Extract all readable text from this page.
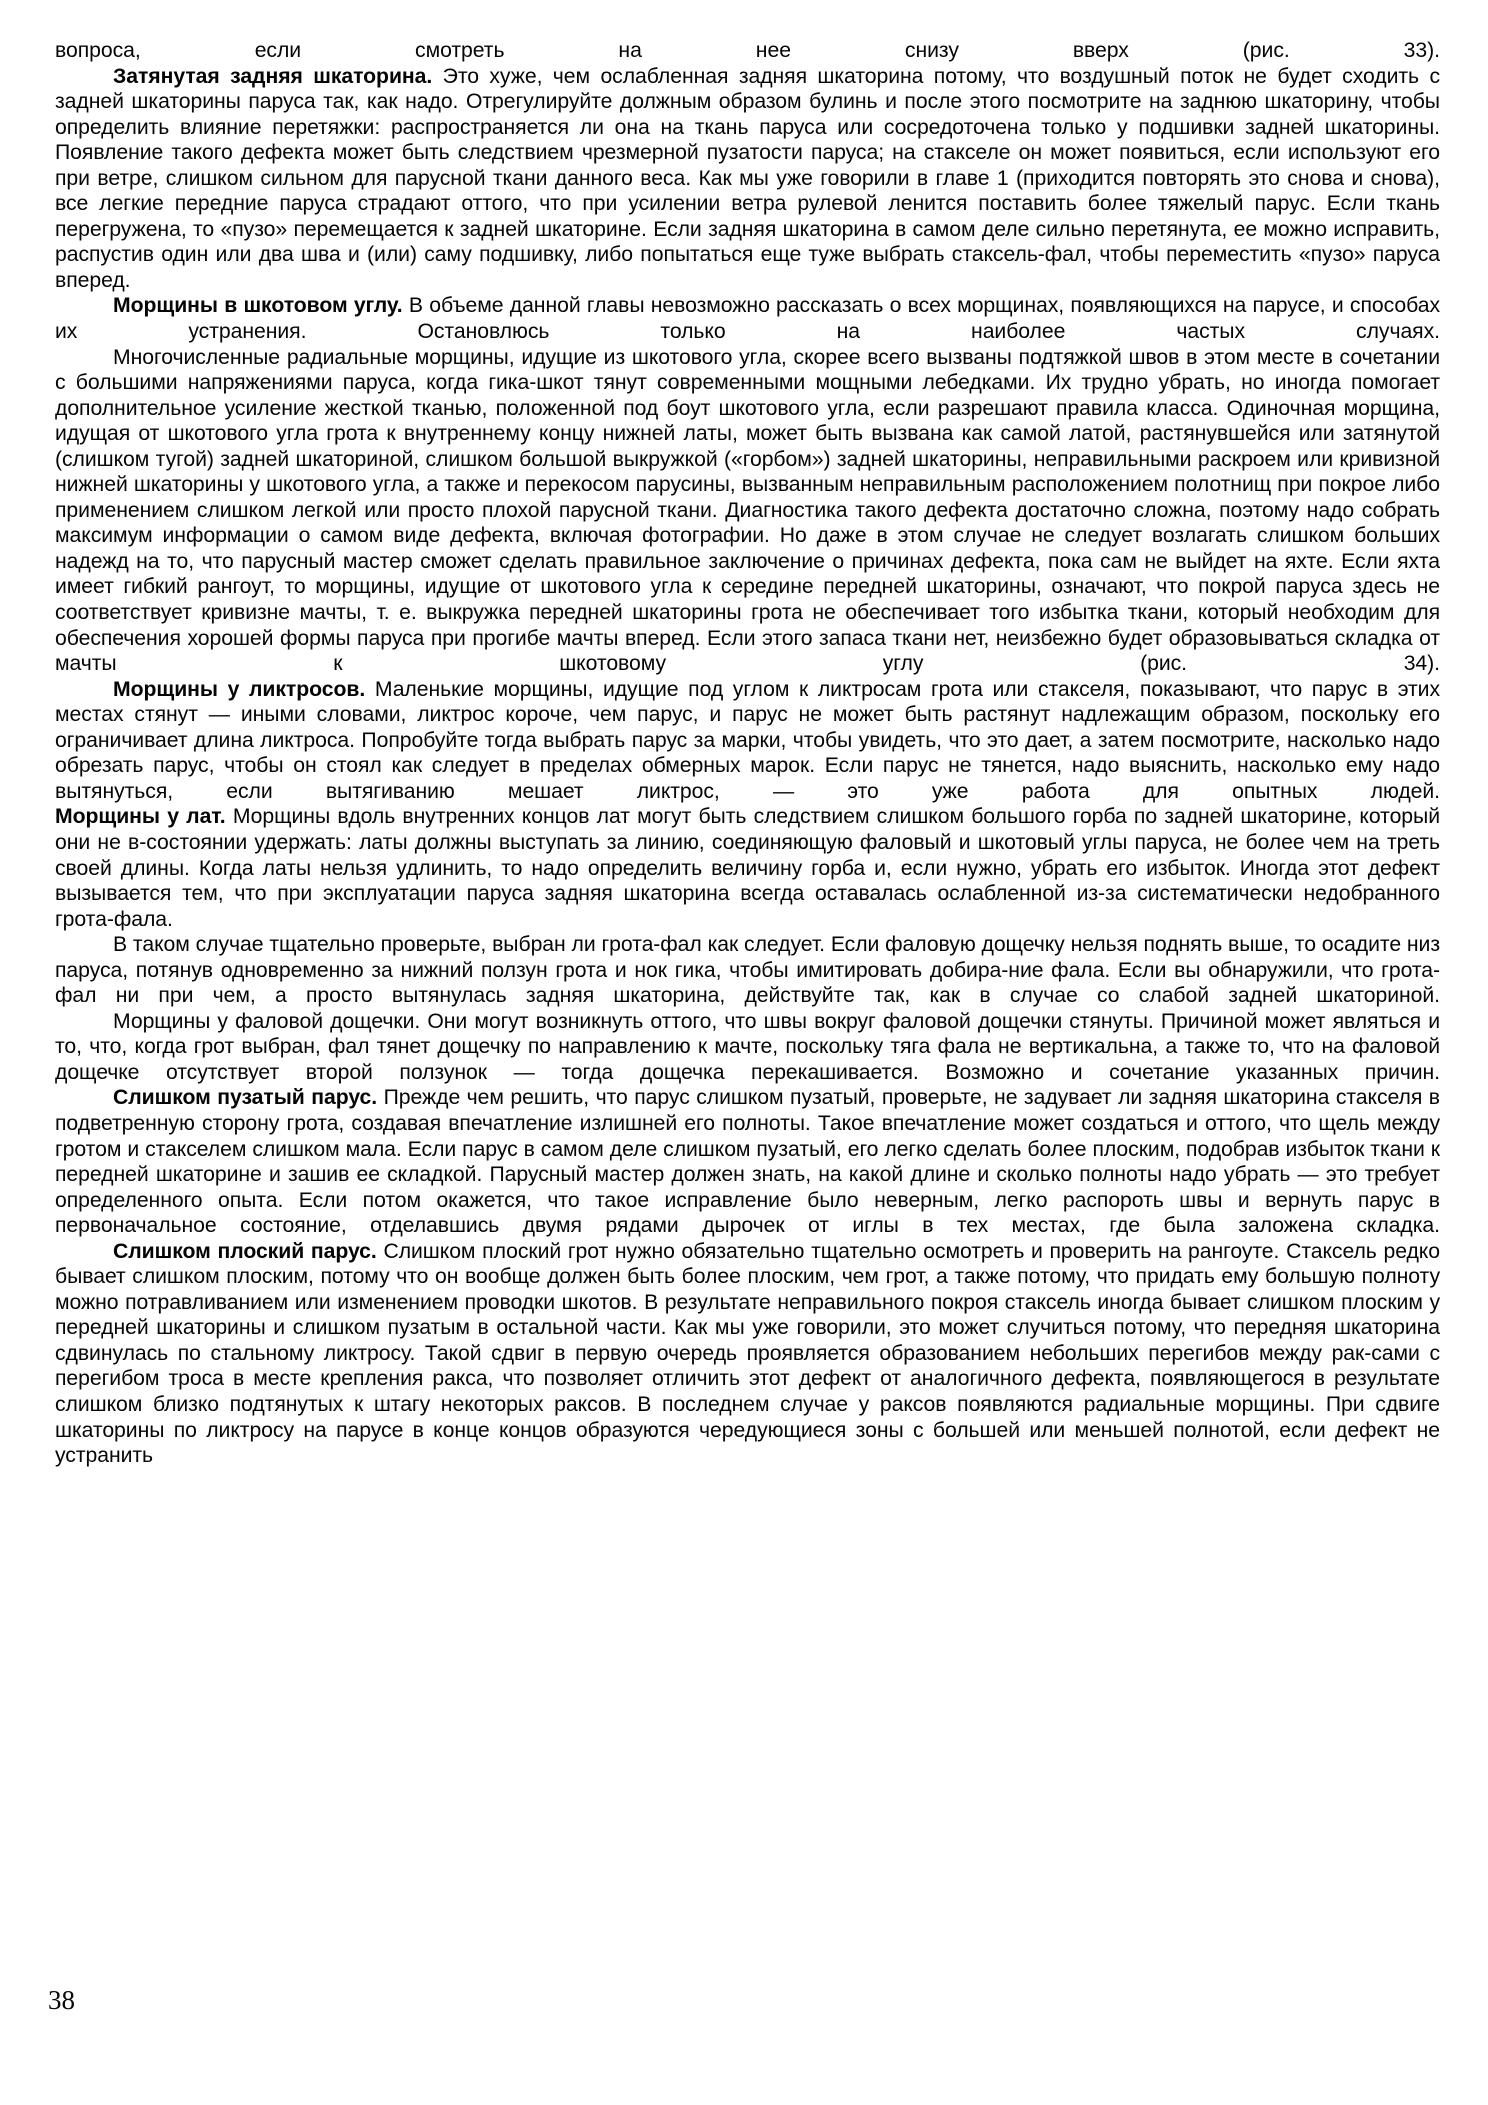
вопроса, если смотреть на нее снизу вверх (рис. 33).

Затянутая задняя шкаторина. Это хуже, чем ослабленная задняя шкаторина потому, что воздушный поток не будет сходить с задней шкаторины паруса так, как надо. Отрегулируйте должным образом булинь и после этого посмотрите на заднюю шкаторину, чтобы определить влияние перетяжки: распространяется ли она на ткань паруса или сосредоточена только у подшивки задней шкаторины. Появление такого дефекта может быть следствием чрезмерной пузатости паруса; на стакселе он может появиться, если используют его при ветре, слишком сильном для парусной ткани данного веса. Как мы уже говорили в главе 1 (приходится повторять это снова и снова), все легкие передние паруса страдают оттого, что при усилении ветра рулевой ленится поставить более тяжелый парус. Если ткань перегружена, то «пузо» перемещается к задней шкаторине. Если задняя шкаторина в самом деле сильно перетянута, ее можно исправить, распустив один или два шва и (или) саму подшивку, либо попытаться еще туже выбрать стаксель-фал, чтобы переместить «пузо» паруса вперед.

Морщины в шкотовом углу. В объеме данной главы невозможно рассказать о всех морщинах, появляющихся на парусе, и способах их устранения. Остановлюсь только на наиболее частых случаях.

Многочисленные радиальные морщины, идущие из шкотового угла, скорее всего вызваны подтяжкой швов в этом месте в сочетании с большими напряжениями паруса, когда гика-шкот тянут современными мощными лебедками. Их трудно убрать, но иногда помогает дополнительное усиление жесткой тканью, положенной под боут шкотового угла, если разрешают правила класса. Одиночная морщина, идущая от шкотового угла грота к внутреннему концу нижней латы, может быть вызвана как самой латой, растянувшейся или затянутой (слишком тугой) задней шкаториной, слишком большой выкружкой («горбом») задней шкаторины, неправильными раскроем или кривизной нижней шкаторины у шкотового угла, а также и перекосом парусины, вызванным неправильным расположением полотнищ при покрое либо применением слишком легкой или просто плохой парусной ткани. Диагностика такого дефекта достаточно сложна, поэтому надо собрать максимум информации о самом виде дефекта, включая фотографии. Но даже в этом случае не следует возлагать слишком больших надежд на то, что парусный мастер сможет сделать правильное заключение о причинах дефекта, пока сам не выйдет на яхте. Если яхта имеет гибкий рангоут, то морщины, идущие от шкотового угла к середине передней шкаторины, означают, что покрой паруса здесь не соответствует кривизне мачты, т. е. выкружка передней шкаторины грота не обеспечивает того избытка ткани, который необходим для обеспечения хорошей формы паруса при прогибе мачты вперед. Если этого запаса ткани нет, неизбежно будет образовываться складка от мачты к шкотовому углу (рис. 34).

Морщины у ликтросов. Маленькие морщины, идущие под углом к ликтросам грота или стакселя, показывают, что парус в этих местах стянут — иными словами, ликтрос короче, чем парус, и парус не может быть растянут надлежащим образом, поскольку его ограничивает длина ликтроса. Попробуйте тогда выбрать парус за марки, чтобы увидеть, что это дает, а затем посмотрите, насколько надо обрезать парус, чтобы он стоял как следует в пределах обмерных марок. Если парус не тянется, надо выяснить, насколько ему надо вытянуться, если вытягиванию мешает ликтрос, — это уже работа для опытных людей.

Морщины у лат. Морщины вдоль внутренних концов лат могут быть следствием слишком большого горба по задней шкаторине, который они не в-состоянии удержать: латы должны выступать за линию, соединяющую фаловый и шкотовый углы паруса, не более чем на треть своей длины. Когда латы нельзя удлинить, то надо определить величину горба и, если нужно, убрать его избыток. Иногда этот дефект вызывается тем, что при эксплуатации паруса задняя шкаторина всегда оставалась ослабленной из-за систематически недобранного грота-фала.

В таком случае тщательно проверьте, выбран ли грота-фал как следует. Если фаловую дощечку нельзя поднять выше, то осадите низ паруса, потянув одновременно за нижний ползун грота и нок гика, чтобы имитировать добира-ние фала. Если вы обнаружили, что грота-фал ни при чем, а просто вытянулась задняя шкаторина, действуйте так, как в случае со слабой задней шкаториной.

Морщины у фаловой дощечки. Они могут возникнуть оттого, что швы вокруг фаловой дощечки стянуты. Причиной может являться и то, что, когда грот выбран, фал тянет дощечку по направлению к мачте, поскольку тяга фала не вертикальна, а также то, что на фаловой дощечке отсутствует второй ползунок — тогда дощечка перекашивается. Возможно и сочетание указанных причин.

Слишком пузатый парус. Прежде чем решить, что парус слишком пузатый, проверьте, не задувает ли задняя шкаторина стакселя в подветренную сторону грота, создавая впечатление излишней его полноты. Такое впечатление может создаться и оттого, что щель между гротом и стакселем слишком мала. Если парус в самом деле слишком пузатый, его легко сделать более плоским, подобрав избыток ткани к передней шкаторине и зашив ее складкой. Парусный мастер должен знать, на какой длине и сколько полноты надо убрать — это требует определенного опыта. Если потом окажется, что такое исправление было неверным, легко распороть швы и вернуть парус в первоначальное состояние, отделавшись двумя рядами дырочек от иглы в тех местах, где была заложена складка.

Слишком плоский парус. Слишком плоский грот нужно обязательно тщательно осмотреть и проверить на рангоуте. Стаксель редко бывает слишком плоским, потому что он вообще должен быть более плоским, чем грот, а также потому, что придать ему большую полноту можно потравливанием или изменением проводки шкотов. В результате неправильного покроя стаксель иногда бывает слишком плоским у передней шкаторины и слишком пузатым в остальной части. Как мы уже говорили, это может случиться потому, что передняя шкаторина сдвинулась по стальному ликтросу. Такой сдвиг в первую очередь проявляется образованием небольших перегибов между рак-сами с перегибом троса в месте крепления ракса, что позволяет отличить этот дефект от аналогичного дефекта, появляющегося в результате слишком близко подтянутых к штагу некоторых раксов. В последнем случае у раксов появляются радиальные морщины. При сдвиге шкаторины по ликтросу на парусе в конце концов образуются чередующиеся зоны с большей или меньшей полнотой, если дефект не устранить

38
